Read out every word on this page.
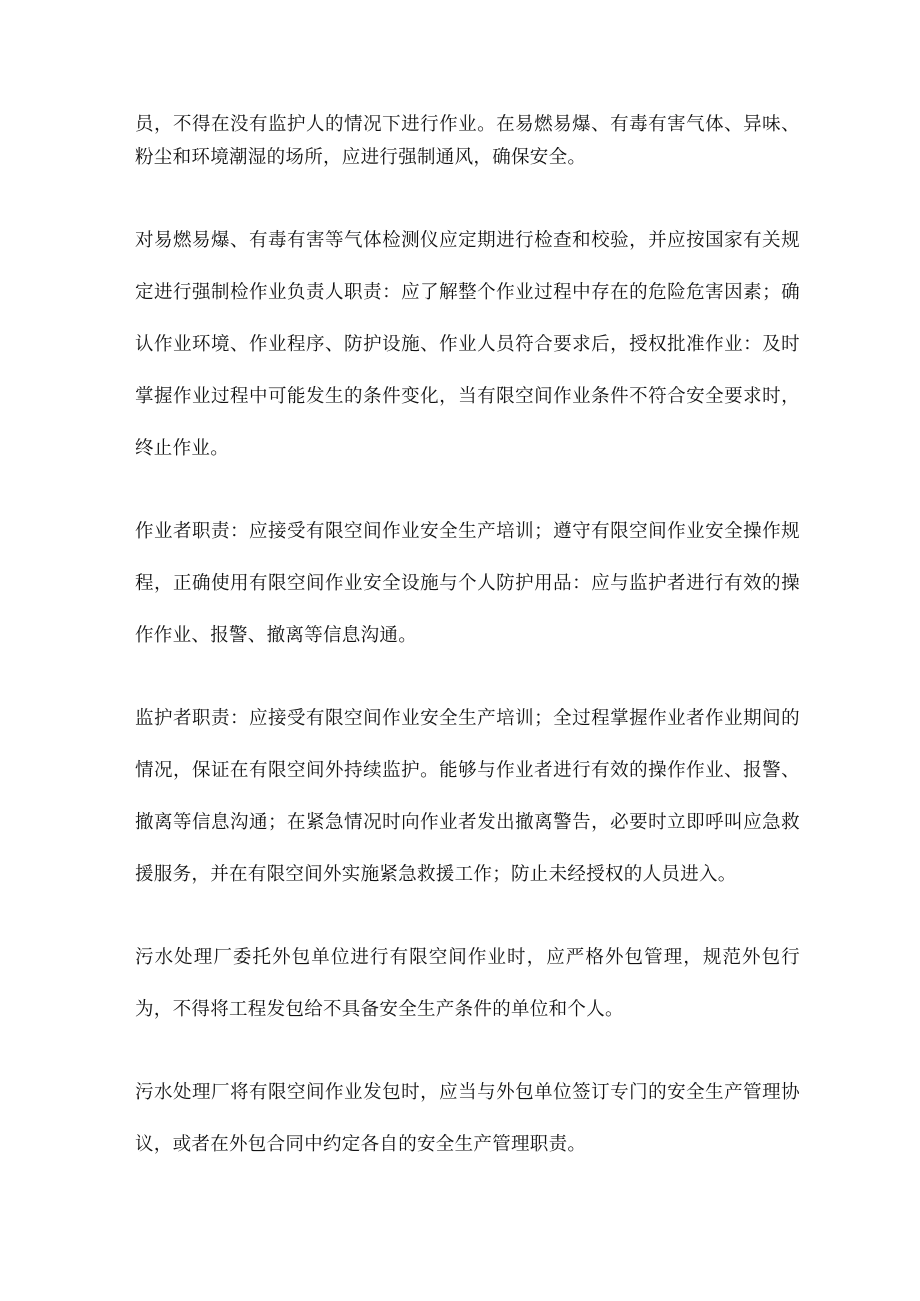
员，不得在没有监护人的情况下进行作业。在易燃易爆、有毒有害气体、异味、粉尘和环境潮湿的场所，应进行强制通风，确保安全。

对易燃易爆、有毒有害等气体检测仪应定期进行检查和校验，并应按国家有关规定进行强制检作业负责人职责：应了解整个作业过程中存在的危险危害因素；确认作业环境、作业程序、防护设施、作业人员符合要求后，授权批准作业：及时掌握作业过程中可能发生的条件变化，当有限空间作业条件不符合安全要求时，终止作业。

作业者职责：应接受有限空间作业安全生产培训；遵守有限空间作业安全操作规程，正确使用有限空间作业安全设施与个人防护用品：应与监护者进行有效的操作作业、报警、撤离等信息沟通。

监护者职责：应接受有限空间作业安全生产培训；全过程掌握作业者作业期间的情况，保证在有限空间外持续监护。能够与作业者进行有效的操作作业、报警、撤离等信息沟通；在紧急情况时向作业者发出撤离警告，必要时立即呼叫应急救援服务，并在有限空间外实施紧急救援工作；防止未经授权的人员进入。

污水处理厂委托外包单位进行有限空间作业时，应严格外包管理，规范外包行为，不得将工程发包给不具备安全生产条件的单位和个人。

污水处理厂将有限空间作业发包时，应当与外包单位签订专门的安全生产管理协议，或者在外包合同中约定各自的安全生产管理职责。
